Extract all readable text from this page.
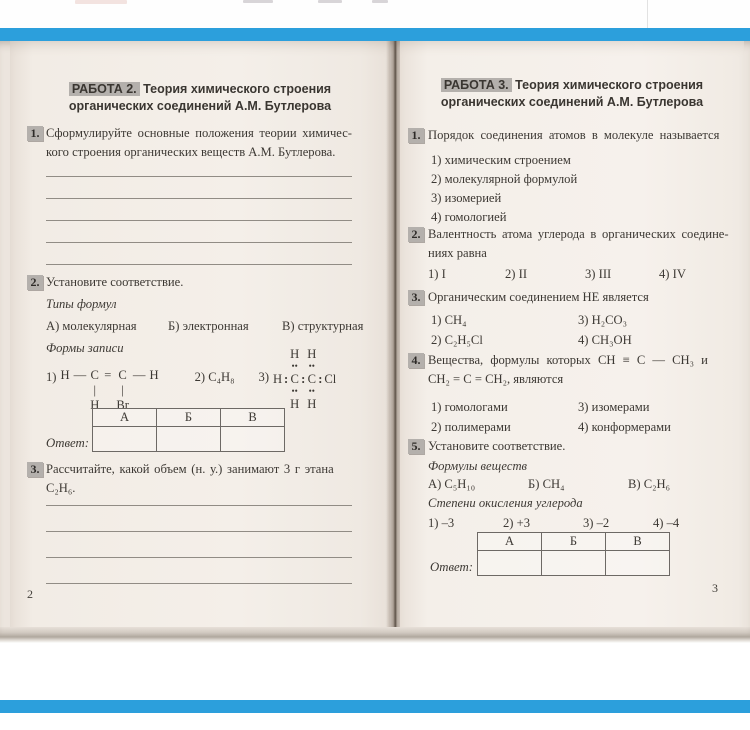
РАБОТА 2. Теория химического строения
органических соединений А.М. Бутлерова
1. Сформулируйте основные положения теории химичес-
кого строения органических веществ А.М. Бутлерова.
2. Установите соответствие.
Типы формул
А) молекулярная	Б) электронная	В) структурная
Формы записи
1) H — C = C — H
|	|
H Br
2) C₄H₈ 3)
H H
•• ••
H : C : C : Cl
•• ••
H H
А	Б	В

Ответ:
3. Рассчитайте, какой объем (н. у.) занимают 3 г этана
C₂H₆.
2
РАБОТА 3. Теория химического строения
органических соединений А.М. Бутлерова
1. Порядок соединения атомов в молекуле называется
1) химическим строением
2) молекулярной формулой
3) изомерией
4) гомологией
2. Валентность атома углерода в органических соедине-
ниях равна
1) I	2) II	3) III	4) IV
3. Органическим соединением НЕ является
1) CH₄	3) H₂CO₃
2) C₂H₅Cl	4) CH₃OH
4. Вещества, формулы которых CH ≡ C — CH₃ и
CH₂ = C = CH₂, являются
1) гомологами	3) изомерами
2) полимерами	4) конформерами
5. Установите соответствие.
Формулы веществ
А) C₅H₁₀	Б) CH₄	В) C₂H₆
Степени окисления углерода
1) –3	2) +3	3) –2	4) –4
А	Б	В

Ответ:
3
